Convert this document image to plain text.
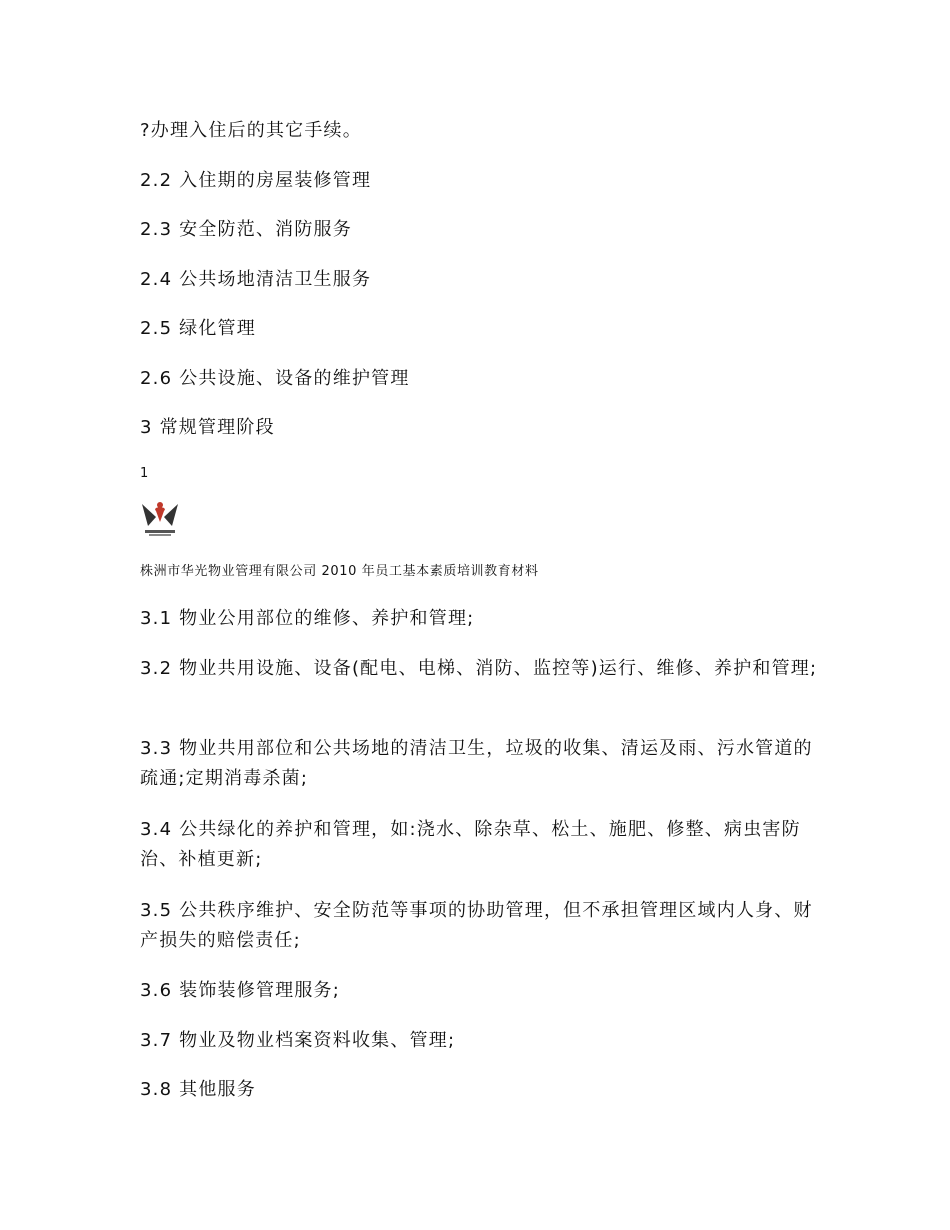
?办理入住后的其它手续。
2.2 入住期的房屋装修管理
2.3 安全防范、消防服务
2.4 公共场地清洁卫生服务
2.5 绿化管理
2.6 公共设施、设备的维护管理
3 常规管理阶段
1
株洲市华光物业管理有限公司 2010 年员工基本素质培训教育材料
3.1 物业公用部位的维修、养护和管理;
3.2 物业共用设施、设备(配电、电梯、消防、监控等)运行、维修、养护和管理;
3.3 物业共用部位和公共场地的清洁卫生，垃圾的收集、清运及雨、污水管道的疏通;定期消毒杀菌;
3.4 公共绿化的养护和管理，如:浇水、除杂草、松土、施肥、修整、病虫害防治、补植更新;
3.5 公共秩序维护、安全防范等事项的协助管理，但不承担管理区域内人身、财产损失的赔偿责任;
3.6 装饰装修管理服务;
3.7 物业及物业档案资料收集、管理;
3.8 其他服务
